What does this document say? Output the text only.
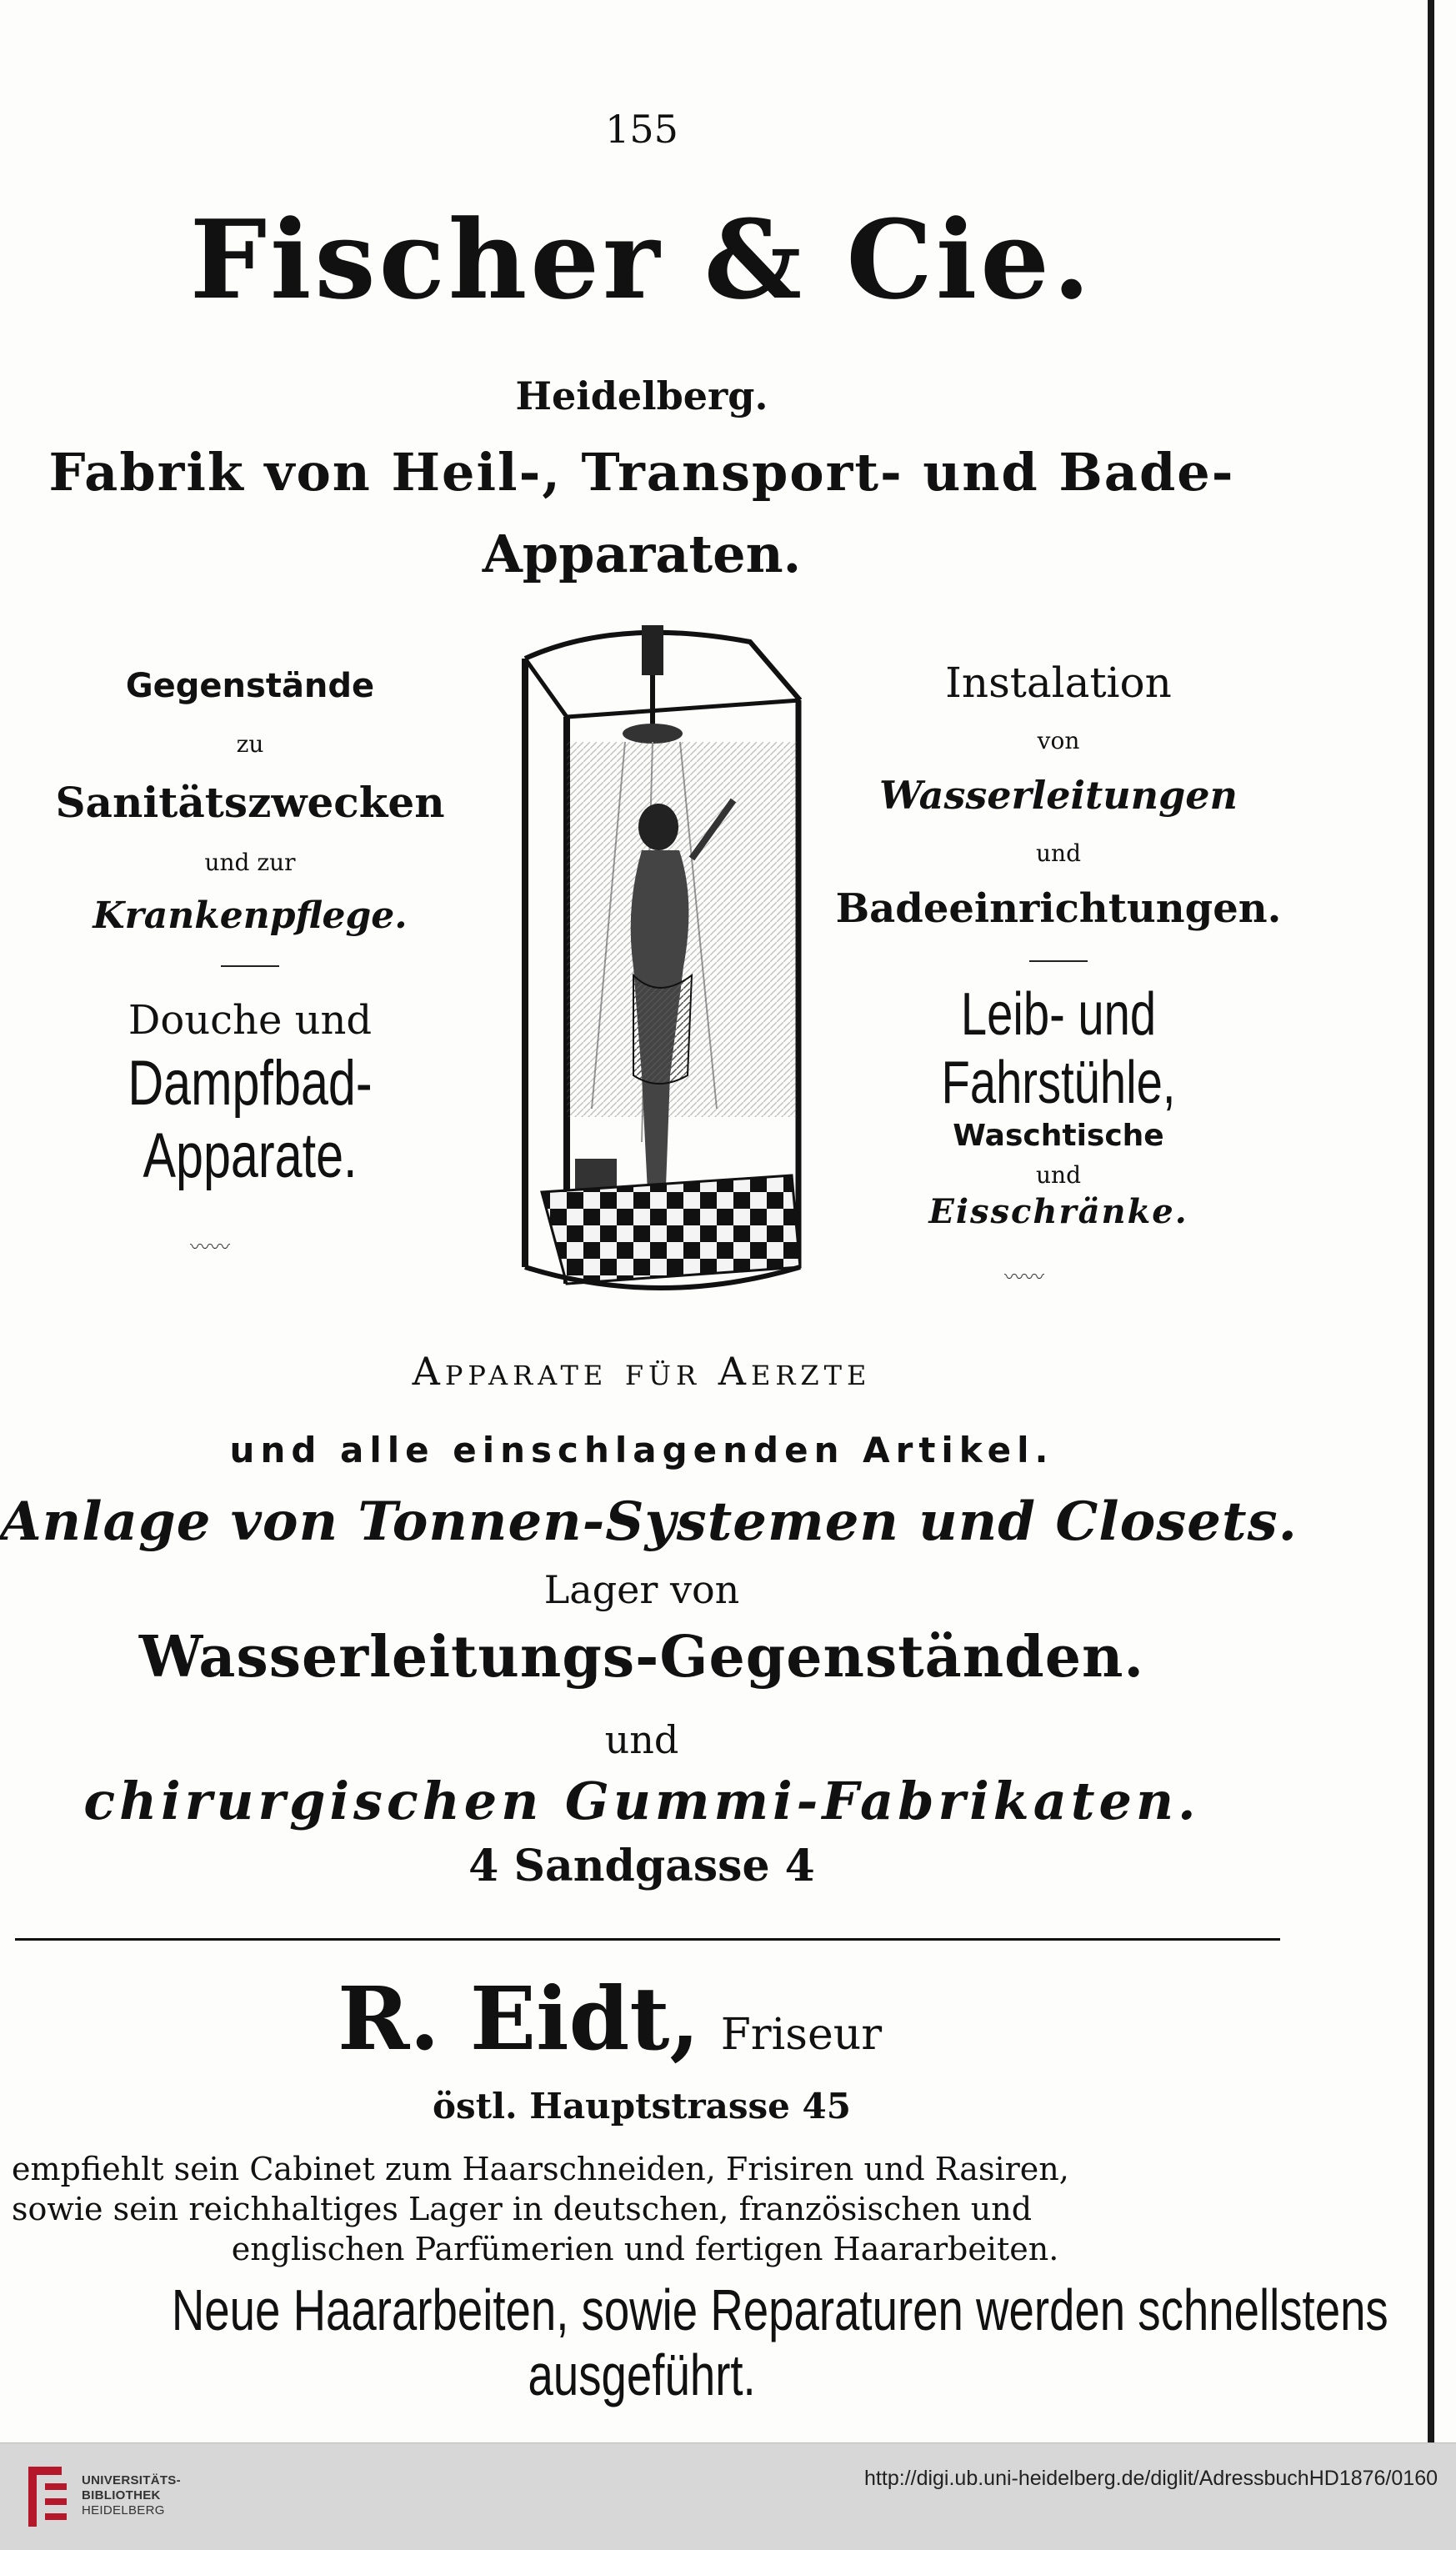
155
Fischer & Cie.
Heidelberg.
Fabrik von Heil-, Transport- und Bade-
Apparaten.
Gegenstände
zu
Sanitätszwecken
und zur
Krankenpflege.
Douche und
Dampfbad-Apparate.
〰〰
Instalation
von
Wasserleitungen
und
Badeeinrichtungen.
Leib- und Fahrstühle,
Waschtische
und
Eisschränke.
〰〰
Apparate für Aerzte
und alle einschlagenden Artikel.
Anlage von Tonnen-Systemen und Closets.
Lager von
Wasserleitungs-Gegenständen.
und
chirurgischen Gummi-Fabrikaten.
4 Sandgasse 4
R. Eidt, Friseur
östl. Hauptstrasse 45
empfiehlt sein Cabinet zum Haarschneiden, Frisiren und Rasiren,
sowie sein reichhaltiges Lager in deutschen, französischen und
englischen Parfümerien und fertigen Haararbeiten.
Neue Haararbeiten, sowie Reparaturen werden schnellstens
ausgeführt.
UNIVERSITÄTS-
BIBLIOTHEK
HEIDELBERG
http://digi.ub.uni-heidelberg.de/diglit/AdressbuchHD1876/0160
